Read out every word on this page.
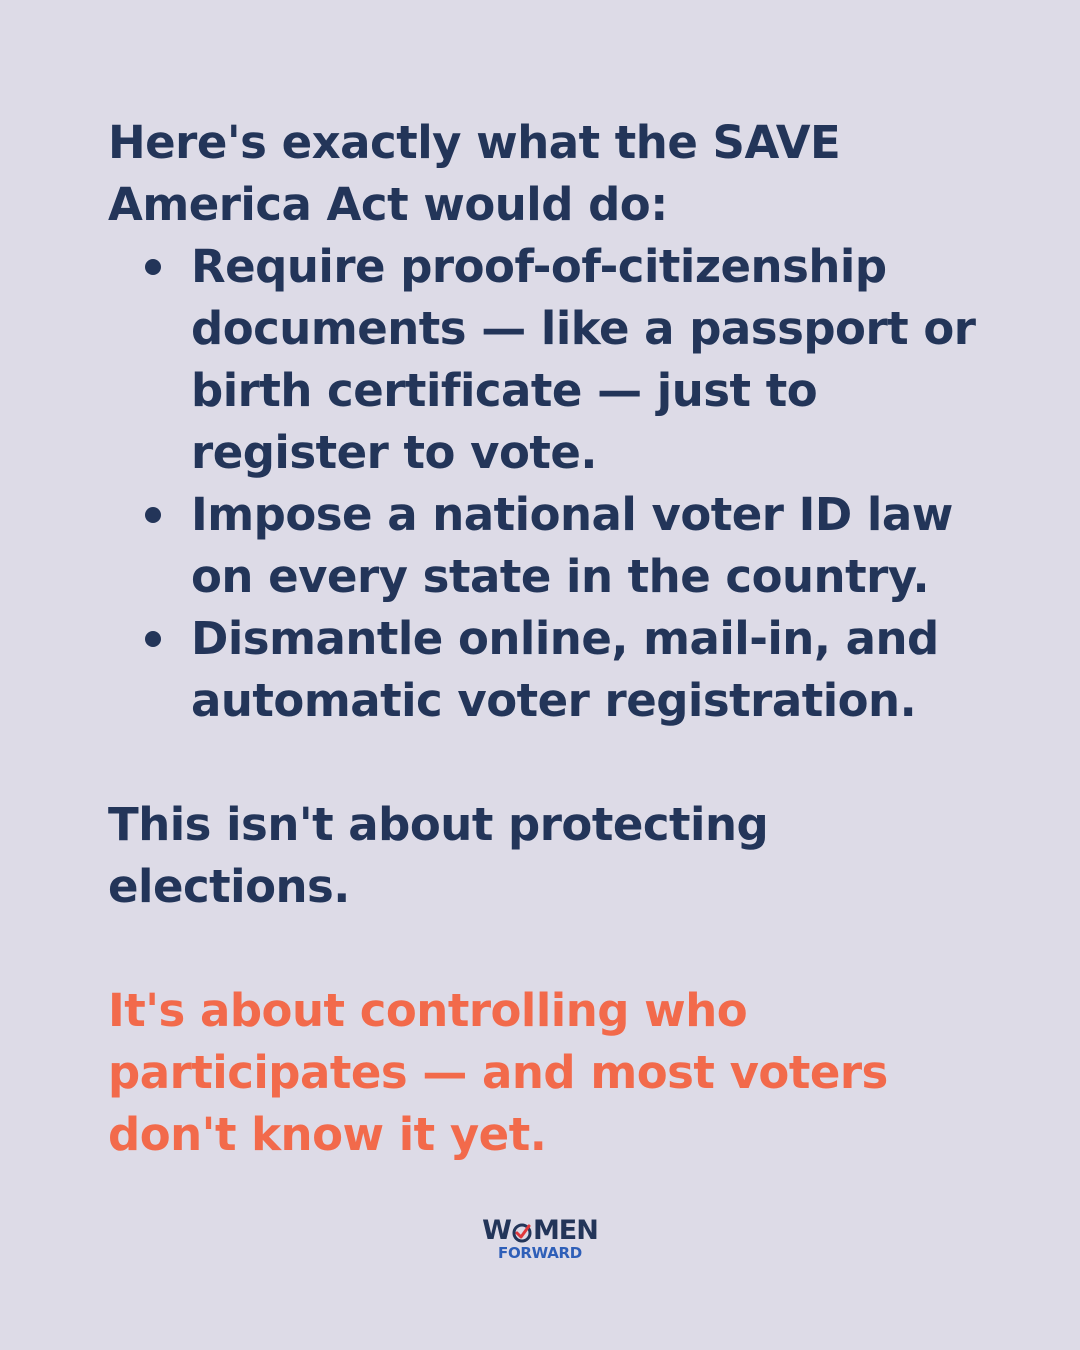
Here's exactly what the SAVE
America Act would do:
Require proof-of-citizenship
documents — like a passport or
birth certificate — just to
register to vote.
Impose a national voter ID law
on every state in the country.
Dismantle online, mail-in, and
automatic voter registration.
This isn't about protecting
elections.
It's about controlling who
participates — and most voters
don't know it yet.
W MEN
FORWARD
